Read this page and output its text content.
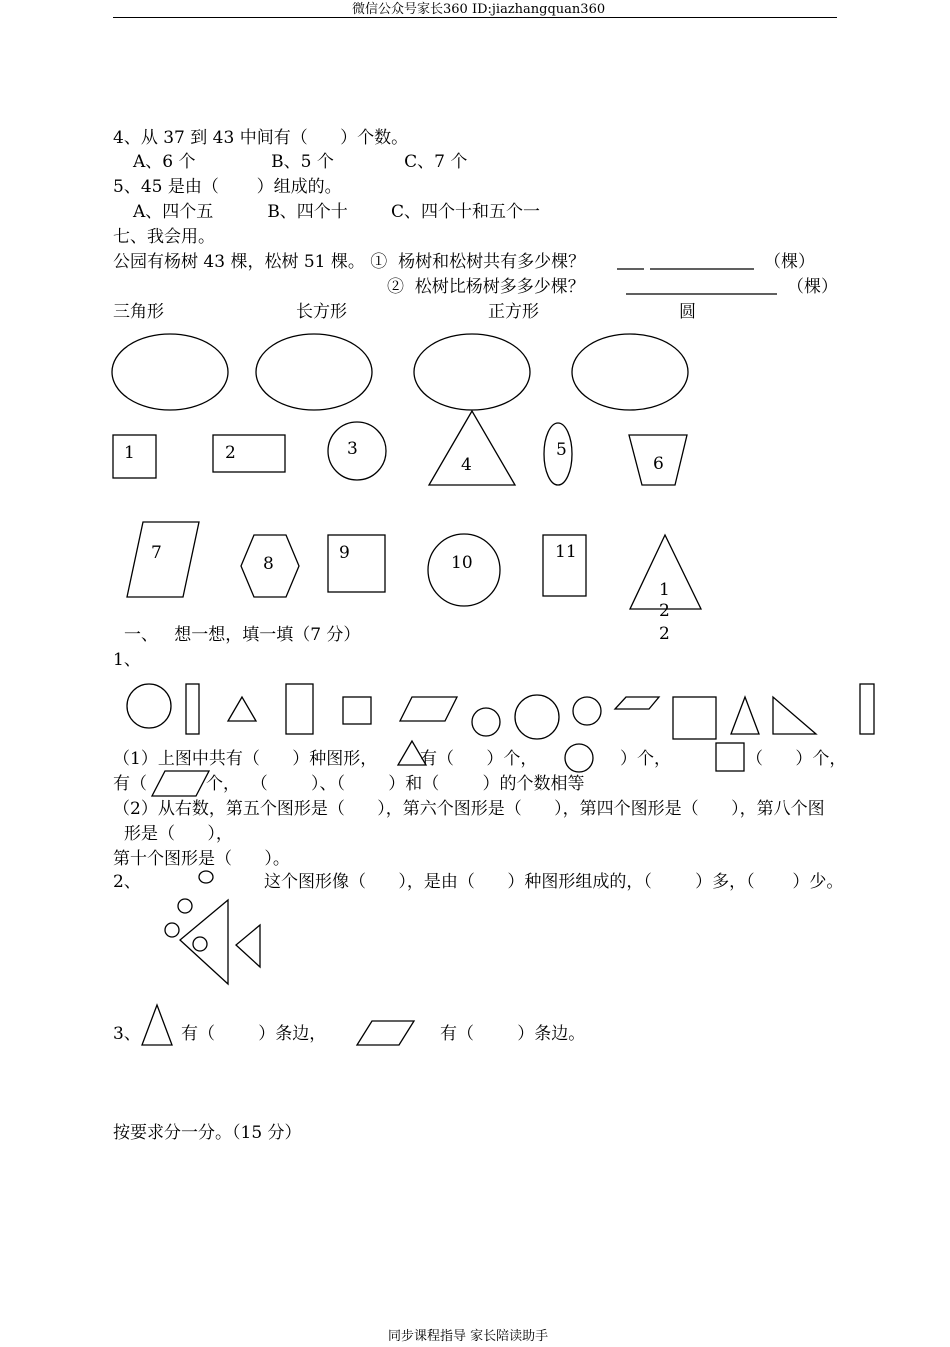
微信公众号家长360 ID:jiazhangquan360
4、从 37 到 43 中间有（      ）个数。
A、6 个              B、5 个             C、7 个
5、45 是由（       ）组成的。
A、四个五          B、四个十        C、四个十和五个一
七、我会用。
公园有杨树 43 棵，松树 51 棵。 ①  杨树和松树共有多少棵？	（棵）
②  松树比杨树多多少棵？	（棵）
三角形	长方形	正方形	圆
1	2	3
4
5
6
7
8
9	10
11
1
2
2
一、   想一想，填一填（7 分）
1、
（1）上图中共有（      ）种图形，	有（      ）个，	）个，	（      ）个，
有（	个，  （        ）、（        ）和（        ）的个数相等
（2）从右数，第五个图形是（      ），第六个图形是（      ），第四个图形是（      ），第八个图
形是（      ），
第十个图形是（      ）。
2、	这个图形像（      ），是由（      ）种图形组成的，（        ）多，（       ）少。
3、 有（        ）条边，	有（        ）条边。
按要求分一分。（15 分）
同步课程指导 家长陪读助手
